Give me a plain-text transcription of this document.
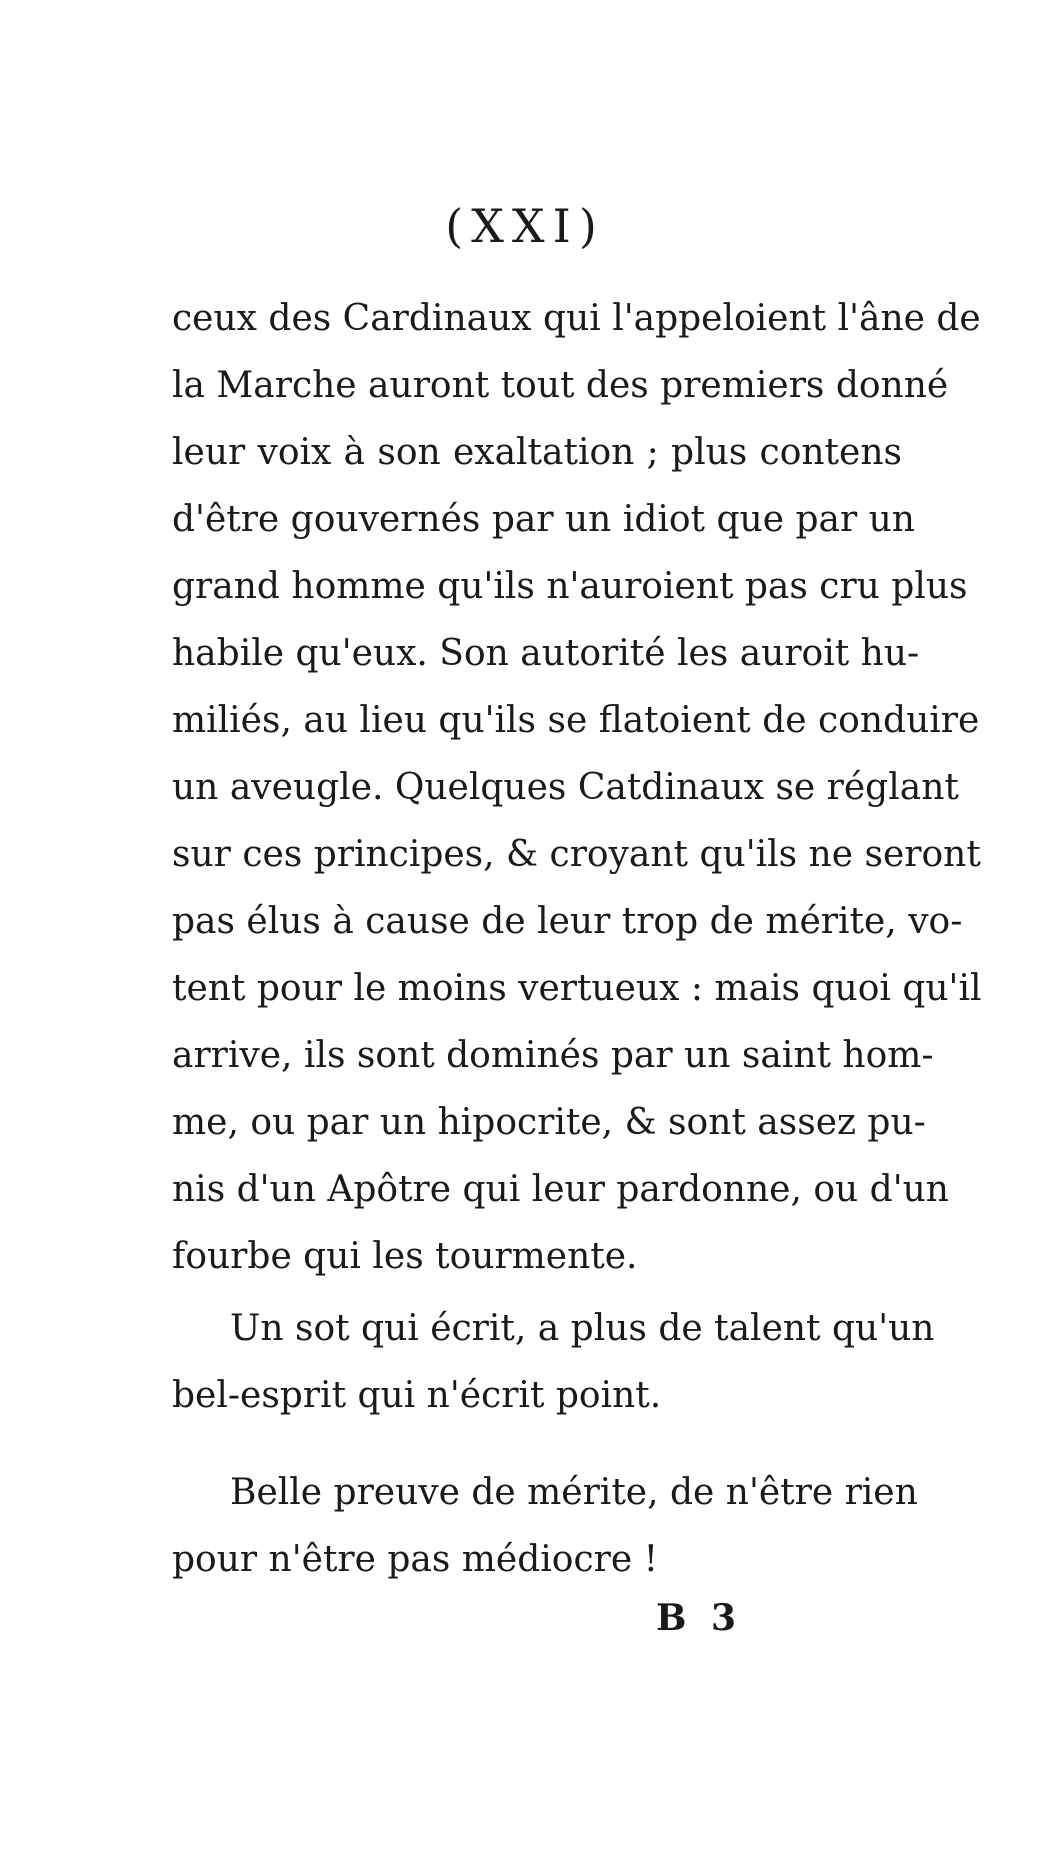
(XXI)
ceux des Cardinaux qui l'appeloient l'âne de
la Marche auront tout des premiers donné
leur voix à son exaltation ; plus contens
d'être gouvernés par un idiot que par un
grand homme qu'ils n'auroient pas cru plus
habile qu'eux. Son autorité les auroit hu-
miliés, au lieu qu'ils se flatoient de conduire
un aveugle. Quelques Catdinaux se réglant
sur ces principes, & croyant qu'ils ne seront
pas élus à cause de leur trop de mérite, vo-
tent pour le moins vertueux : mais quoi qu'il
arrive, ils sont dominés par un saint hom-
me, ou par un hipocrite, & sont assez pu-
nis d'un Apôtre qui leur pardonne, ou d'un
fourbe qui les tourmente.
Un sot qui écrit, a plus de talent qu'un
bel-esprit qui n'écrit point.
Belle preuve de mérite, de n'être rien
pour n'être pas médiocre !
B 3
